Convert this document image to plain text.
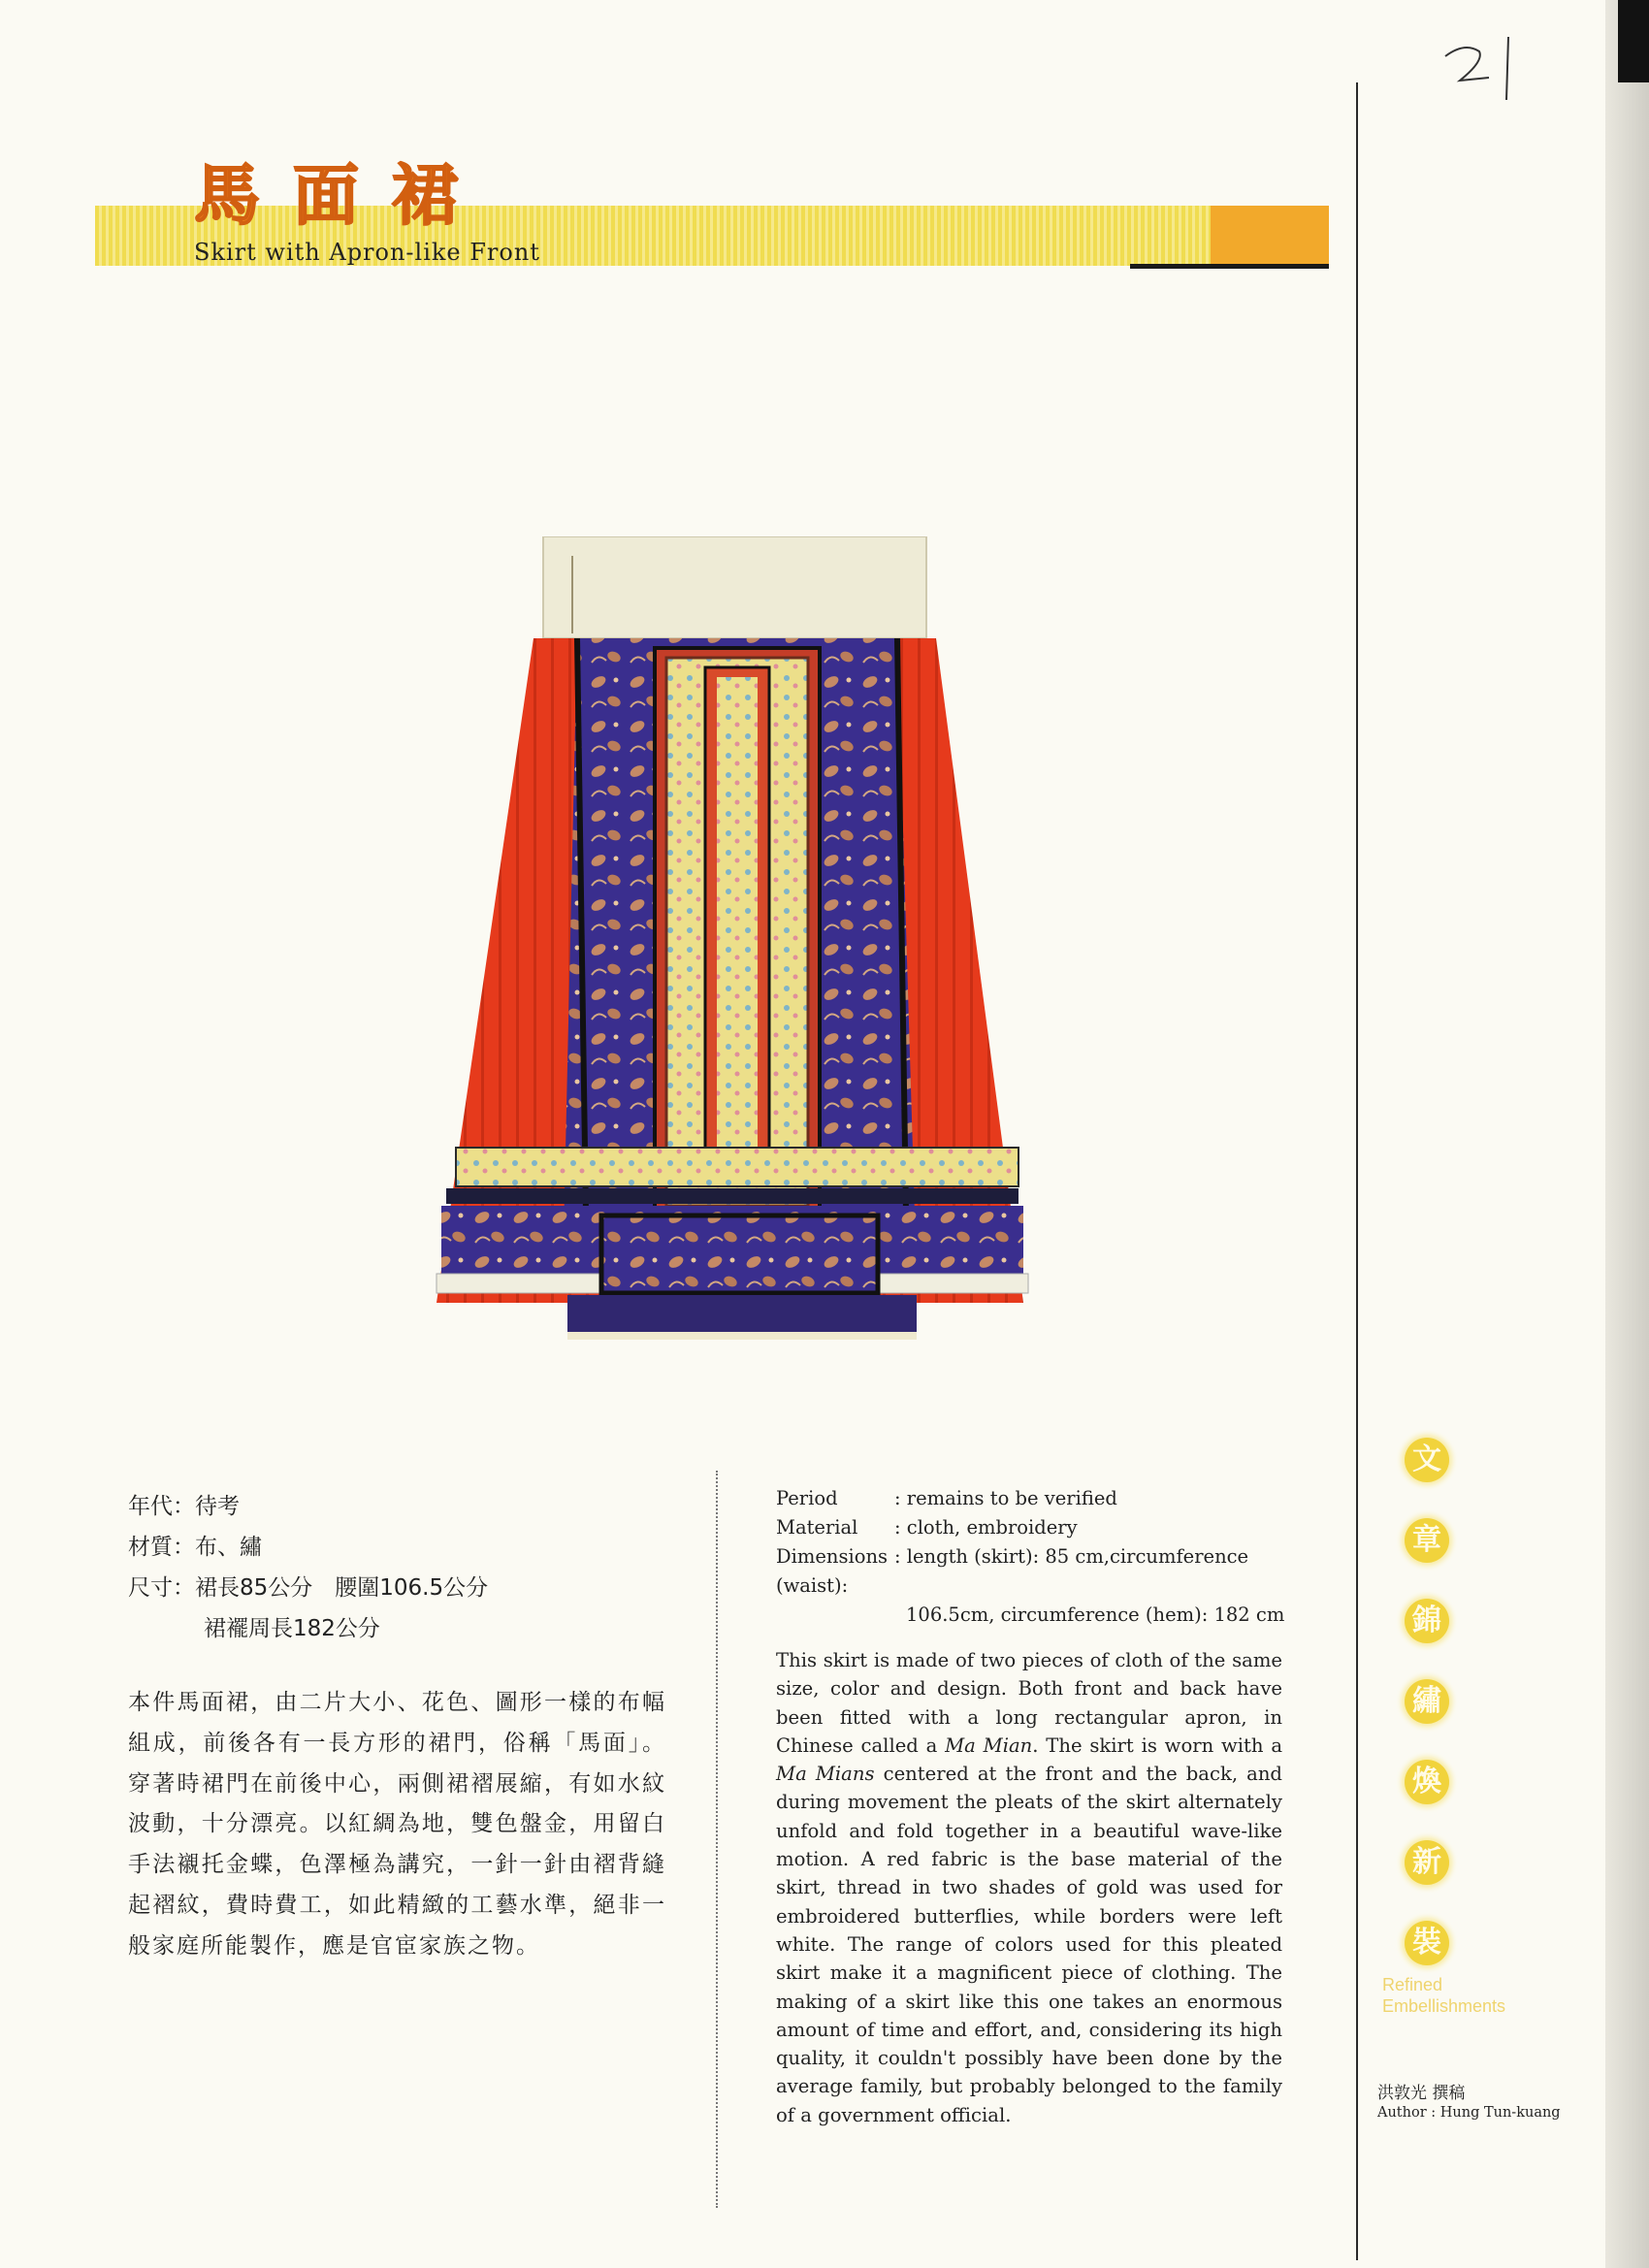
馬面裙
Skirt with Apron-like Front
年代：待考
材質：布、繡
尺寸：裙長85公分　腰圍106.5公分
裙襬周長182公分
本件馬面裙，由二片大小、花色、圖形一樣的布幅組成，前後各有一長方形的裙門，俗稱「馬面」。穿著時裙門在前後中心，兩側裙褶展縮，有如水紋波動，十分漂亮。以紅綢為地，雙色盤金，用留白手法襯托金蝶，色澤極為講究，一針一針由褶背縫起褶紋，費時費工，如此精緻的工藝水準，絕非一般家庭所能製作，應是官宦家族之物。
Period	: remains to be verified
Material : cloth, embroidery
Dimensions : length (skirt): 85 cm,circumference (waist):
106.5cm, circumference (hem): 182 cm
This skirt is made of two pieces of cloth of the same size, color and design. Both front and back have been fitted with a long rectangular apron, in Chinese called a Ma Mian. The skirt is worn with a Ma Mians centered at the front and the back, and during movement the pleats of the skirt alternately unfold and fold together in a beautiful wave-like motion. A red fabric is the base material of the skirt, thread in two shades of gold was used for embroidered butterflies, while borders were left white. The range of colors used for this pleated skirt make it a magnificent piece of clothing. The making of a skirt like this one takes an enormous amount of time and effort, and, considering its high quality, it couldn't possibly have been done by the average family, but probably belonged to the family of a government official.
文
章
錦
繡
煥
新
裝
Refined
Embellishments
洪敦光 撰稿
Author : Hung Tun-kuang
